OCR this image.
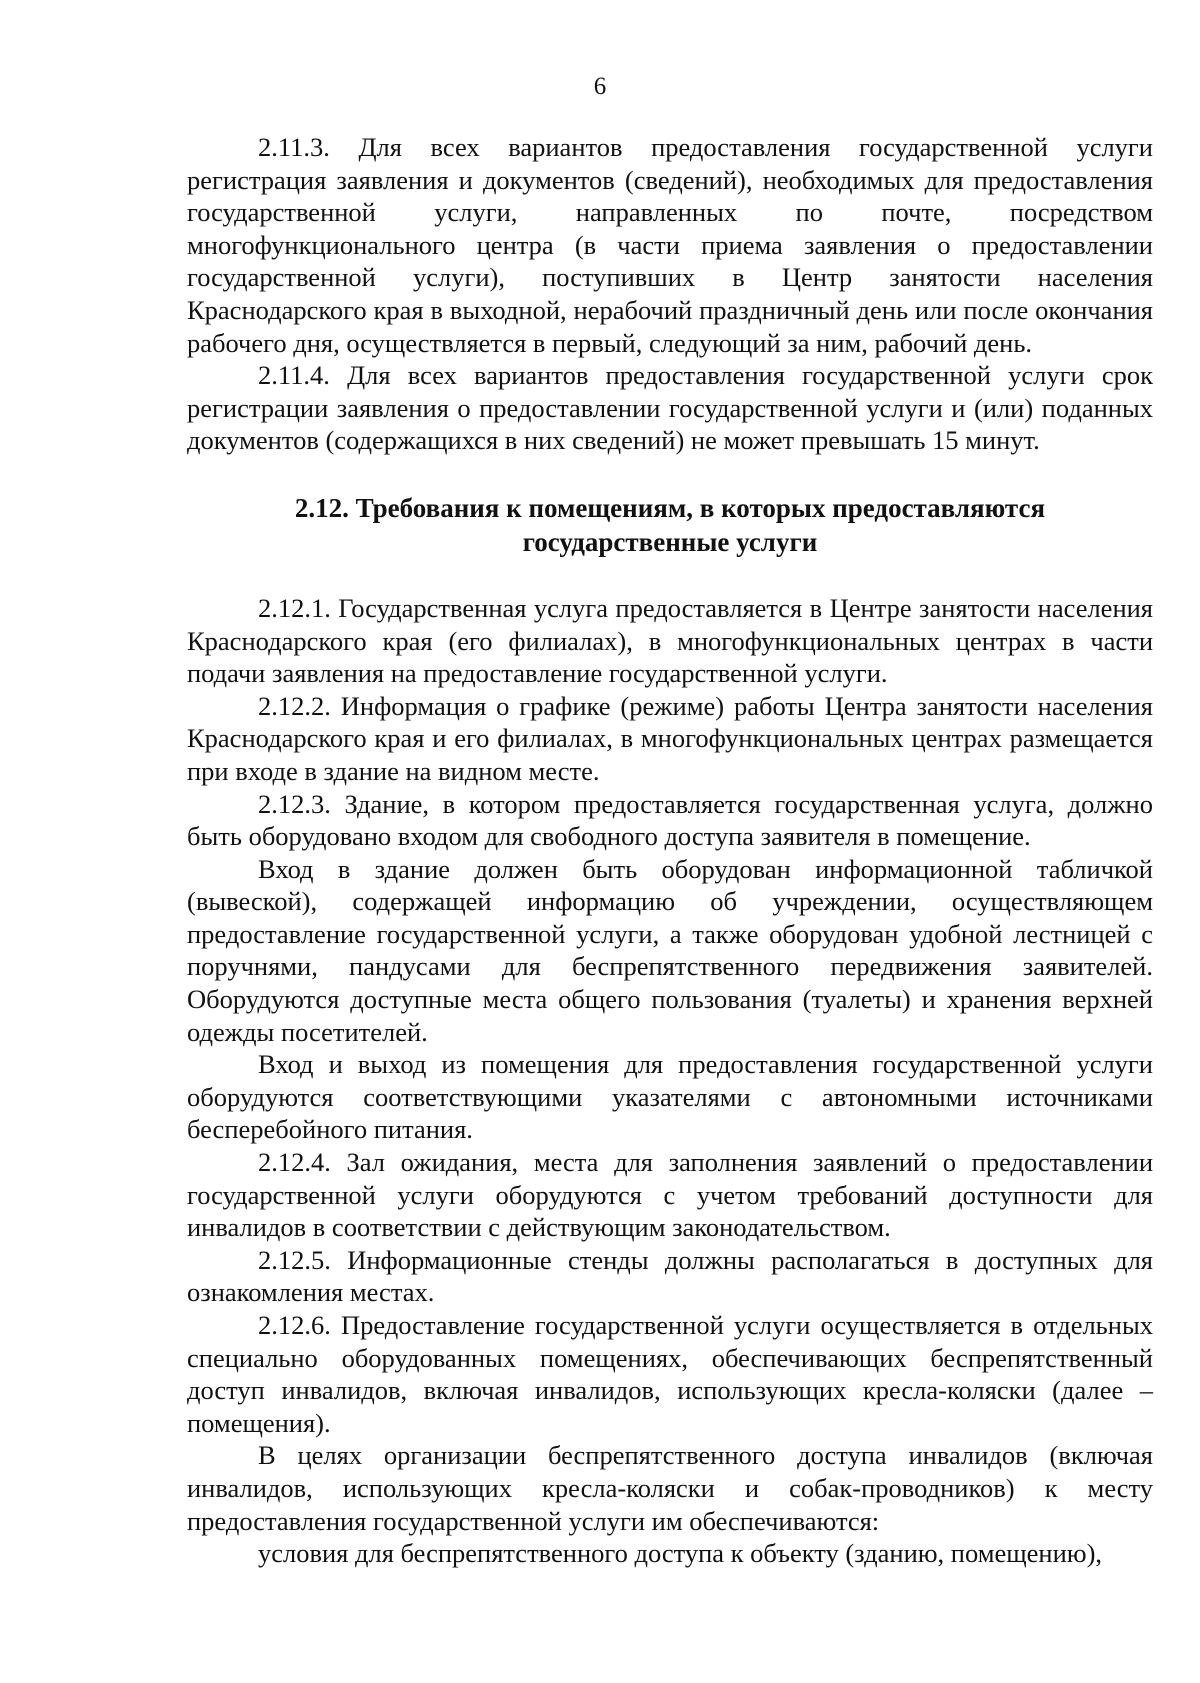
6

2.11.3. Для всех вариантов предоставления государственной услуги регистрация заявления и документов (сведений), необходимых для предоставления государственной услуги, направленных по почте, посредством многофункционального центра (в части приема заявления о предоставлении государственной услуги), поступивших в Центр занятости населения Краснодарского края в выходной, нерабочий праздничный день или после окончания рабочего дня, осуществляется в первый, следующий за ним, рабочий день.

2.11.4. Для всех вариантов предоставления государственной услуги срок регистрации заявления о предоставлении государственной услуги и (или) поданных документов (содержащихся в них сведений) не может превышать 15 минут.

2.12. Требования к помещениям, в которых предоставляются
государственные услуги

2.12.1. Государственная услуга предоставляется в Центре занятости населения Краснодарского края (его филиалах), в многофункциональных центрах в части подачи заявления на предоставление государственной услуги.

2.12.2. Информация о графике (режиме) работы Центра занятости населения Краснодарского края и его филиалах, в многофункциональных центрах размещается при входе в здание на видном месте.

2.12.3. Здание, в котором предоставляется государственная услуга, должно быть оборудовано входом для свободного доступа заявителя в помещение.

Вход в здание должен быть оборудован информационной табличкой (вывеской), содержащей информацию об учреждении, осуществляющем предоставление государственной услуги, а также оборудован удобной лестницей с поручнями, пандусами для беспрепятственного передвижения заявителей. Оборудуются доступные места общего пользования (туалеты) и хранения верхней одежды посетителей.

Вход и выход из помещения для предоставления государственной услуги оборудуются соответствующими указателями с автономными источниками бесперебойного питания.

2.12.4. Зал ожидания, места для заполнения заявлений о предоставлении государственной услуги оборудуются с учетом требований доступности для инвалидов в соответствии с действующим законодательством.

2.12.5. Информационные стенды должны располагаться в доступных для ознакомления местах.

2.12.6. Предоставление государственной услуги осуществляется в отдельных специально оборудованных помещениях, обеспечивающих беспрепятственный доступ инвалидов, включая инвалидов, использующих кресла-коляски (далее – помещения).

В целях организации беспрепятственного доступа инвалидов (включая инвалидов, использующих кресла-коляски и собак-проводников) к месту предоставления государственной услуги им обеспечиваются:

условия для беспрепятственного доступа к объекту (зданию, помещению),
